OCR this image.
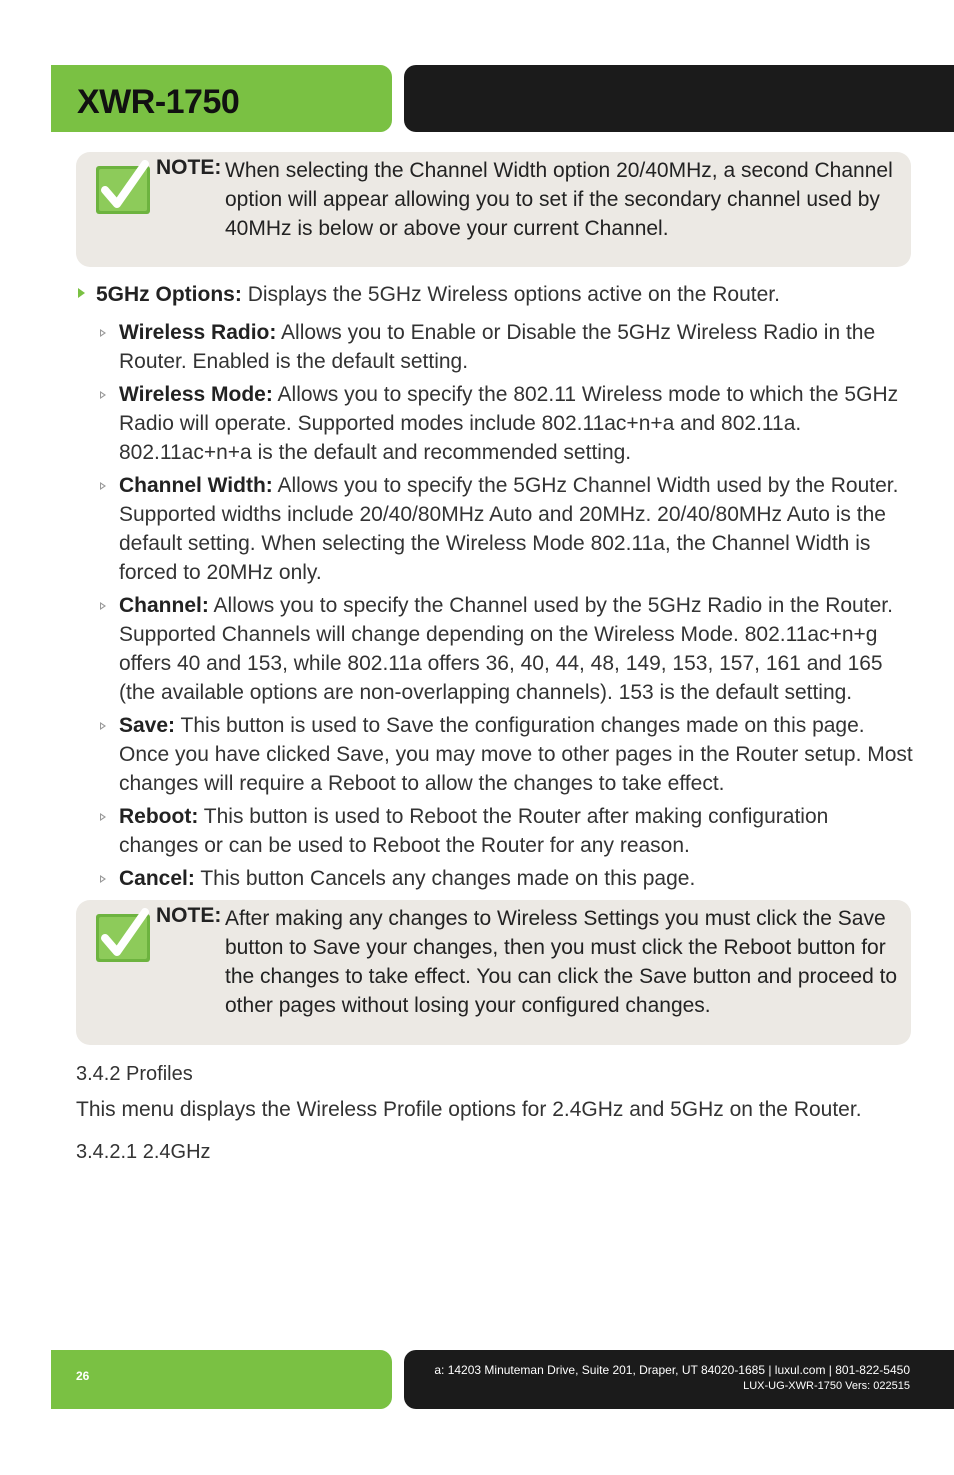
XWR-1750
NOTE: When selecting the Channel Width option 20/40MHz, a second Channel option will appear allowing you to set if the secondary channel used by 40MHz is below or above your current Channel.

5GHz Options: Displays the 5GHz Wireless options active on the Router.

Wireless Radio: Allows you to Enable or Disable the 5GHz Wireless Radio in the Router. Enabled is the default setting.
Wireless Mode: Allows you to specify the 802.11 Wireless mode to which the 5GHz Radio will operate. Supported modes include 802.11ac+n+a and 802.11a. 802.11ac+n+a is the default and recommended setting.
Channel Width: Allows you to specify the 5GHz Channel Width used by the Router. Supported widths include 20/40/80MHz Auto and 20MHz. 20/40/80MHz Auto is the default setting. When selecting the Wireless Mode 802.11a, the Channel Width is forced to 20MHz only.
Channel: Allows you to specify the Channel used by the 5GHz Radio in the Router. Supported Channels will change depending on the Wireless Mode. 802.11ac+n+g offers 40 and 153, while 802.11a offers 36, 40, 44, 48, 149, 153, 157, 161 and 165 (the available options are non-overlapping channels). 153 is the default setting.
Save: This button is used to Save the configuration changes made on this page. Once you have clicked Save, you may move to other pages in the Router setup. Most changes will require a Reboot to allow the changes to take effect.
Reboot: This button is used to Reboot the Router after making configuration changes or can be used to Reboot the Router for any reason.
Cancel: This button Cancels any changes made on this page.
NOTE: After making any changes to Wireless Settings you must click the Save button to Save your changes, then you must click the Reboot button for the changes to take effect. You can click the Save button and proceed to other pages without losing your configured changes.

3.4.2 Profiles

This menu displays the Wireless Profile options for 2.4GHz and 5GHz on the Router.

3.4.2.1 2.4GHz

26	a: 14203 Minuteman Drive, Suite 201, Draper, UT 84020-1685 | luxul.com | 801-822-5450
LUX-UG-XWR-1750 Vers: 022515
